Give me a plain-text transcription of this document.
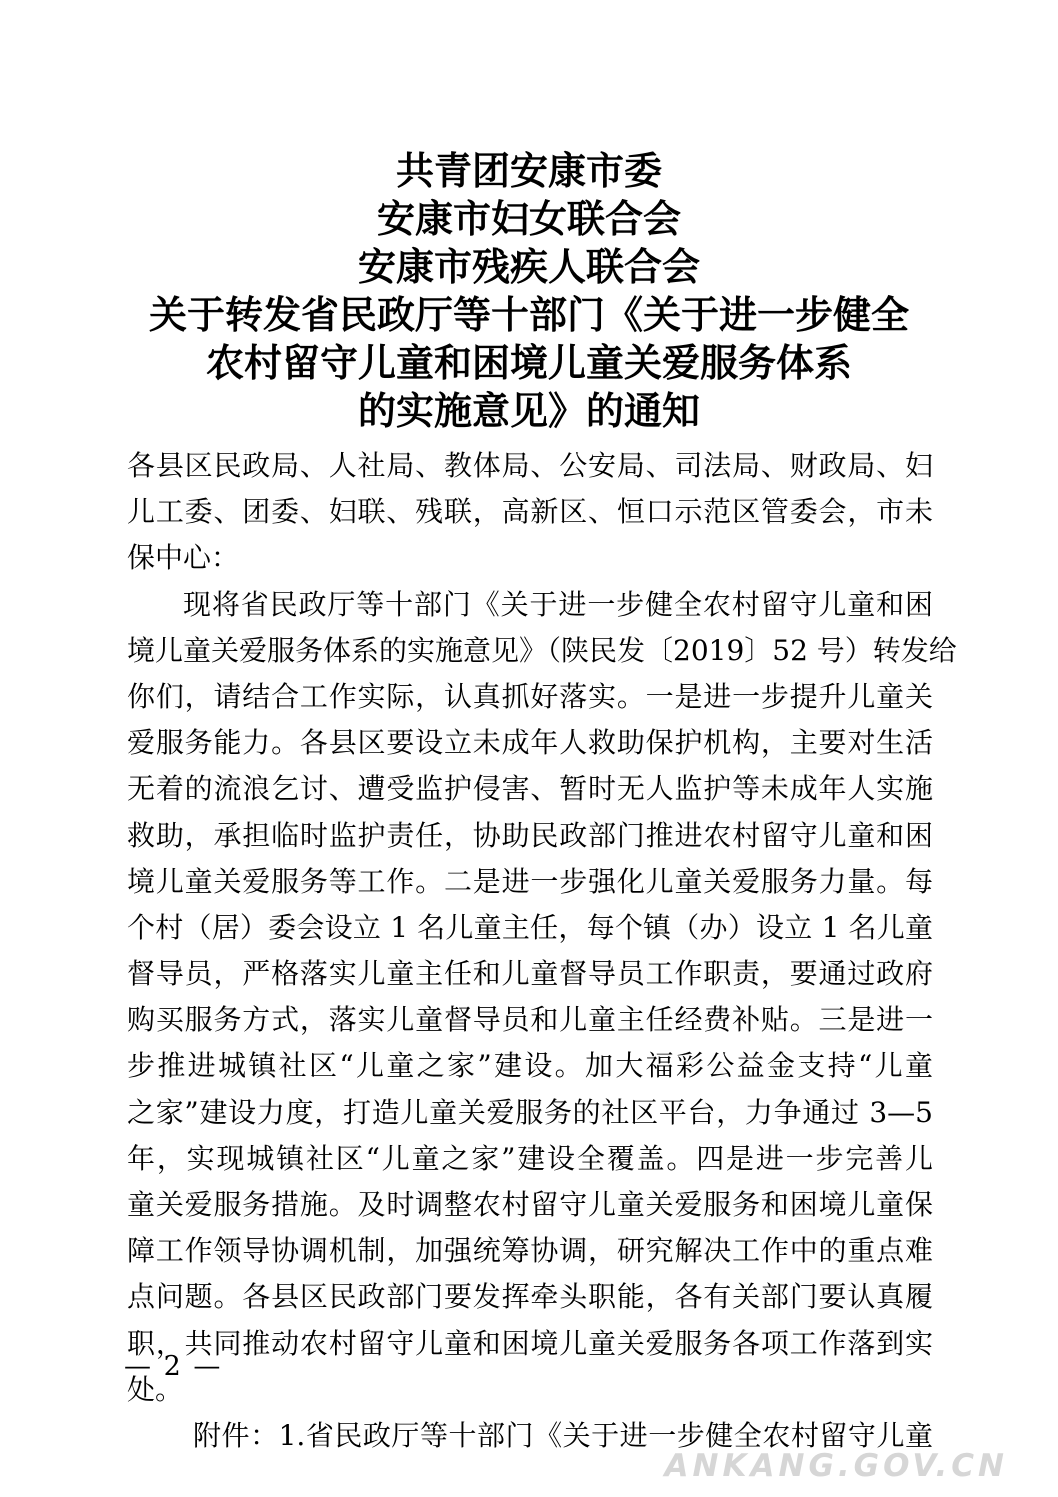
共青团安康市委
安康市妇女联合会
安康市残疾人联合会
关于转发省民政厅等十部门《关于进一步健全
农村留守儿童和困境儿童关爱服务体系
的实施意见》的通知
各县区民政局、人社局、教体局、公安局、司法局、财政局、妇
儿工委、团委、妇联、残联，高新区、恒口示范区管委会，市未
保中心：
现将省民政厅等十部门《关于进一步健全农村留守儿童和困
境儿童关爱服务体系的实施意见》（陕民发〔2019〕52 号）转发给
你们，请结合工作实际，认真抓好落实。一是进一步提升儿童关
爱服务能力。各县区要设立未成年人救助保护机构，主要对生活
无着的流浪乞讨、遭受监护侵害、暂时无人监护等未成年人实施
救助，承担临时监护责任，协助民政部门推进农村留守儿童和困
境儿童关爱服务等工作。二是进一步强化儿童关爱服务力量。每
个村（居）委会设立 1 名儿童主任，每个镇（办）设立 1 名儿童
督导员，严格落实儿童主任和儿童督导员工作职责，要通过政府
购买服务方式，落实儿童督导员和儿童主任经费补贴。三是进一
步推进城镇社区“儿童之家”建设。加大福彩公益金支持“儿童
之家”建设力度，打造儿童关爱服务的社区平台，力争通过 3—5
年，实现城镇社区“儿童之家”建设全覆盖。四是进一步完善儿
童关爱服务措施。及时调整农村留守儿童关爱服务和困境儿童保
障工作领导协调机制，加强统筹协调，研究解决工作中的重点难
点问题。各县区民政部门要发挥牵头职能，各有关部门要认真履
职，共同推动农村留守儿童和困境儿童关爱服务各项工作落到实
处。
附件：1.省民政厅等十部门《关于进一步健全农村留守儿童
— 2 —
ANKANG.GOV.CN
